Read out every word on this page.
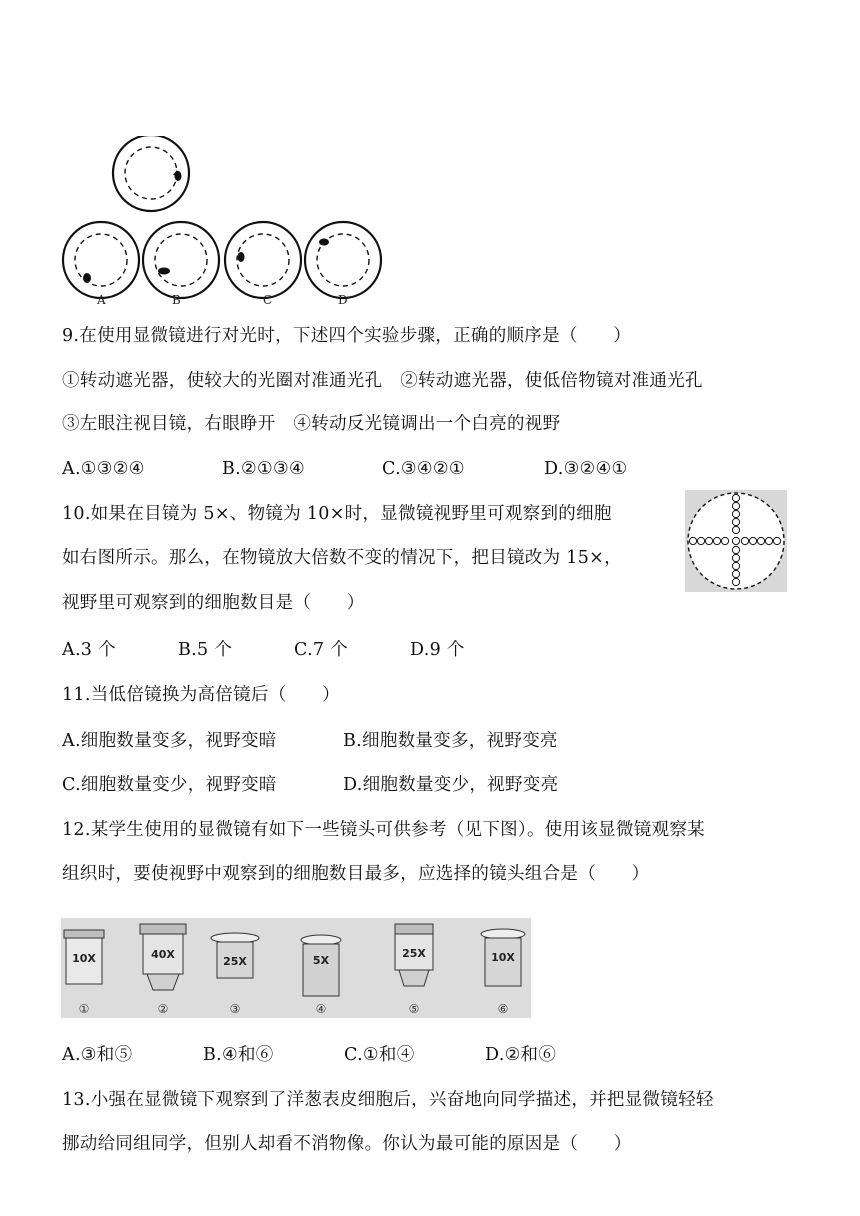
A	B	C	D
9.在使用显微镜进行对光时，下述四个实验步骤，正确的顺序是（　　）
①转动遮光器，使较大的光圈对准通光孔　②转动遮光器，使低倍物镜对准通光孔
③左眼注视目镜，右眼睁开　④转动反光镜调出一个白亮的视野
A.①③②④	B.②①③④	C.③④②①	D.③②④①
10.如果在目镜为 5×、物镜为 10×时，显微镜视野里可观察到的细胞
如右图所示。那么，在物镜放大倍数不变的情况下，把目镜改为 15×，
视野里可观察到的细胞数目是（　　）
A.3 个	B.5 个	C.7 个	D.9 个
11.当低倍镜换为高倍镜后（　　）
A.细胞数量变多，视野变暗	B.细胞数量变多，视野变亮
C.细胞数量变少，视野变暗	D.细胞数量变少，视野变亮
12.某学生使用的显微镜有如下一些镜头可供参考（见下图）。使用该显微镜观察某
组织时，要使视野中观察到的细胞数目最多，应选择的镜头组合是（　　）
10X	40X
25X	5X
25X	10X
①	②	③	④	⑤	⑥
A.③和⑤	B.④和⑥	C.①和④	D.②和⑥
13.小强在显微镜下观察到了洋葱表皮细胞后，兴奋地向同学描述，并把显微镜轻轻
挪动给同组同学，但别人却看不消物像。你认为最可能的原因是（　　）
